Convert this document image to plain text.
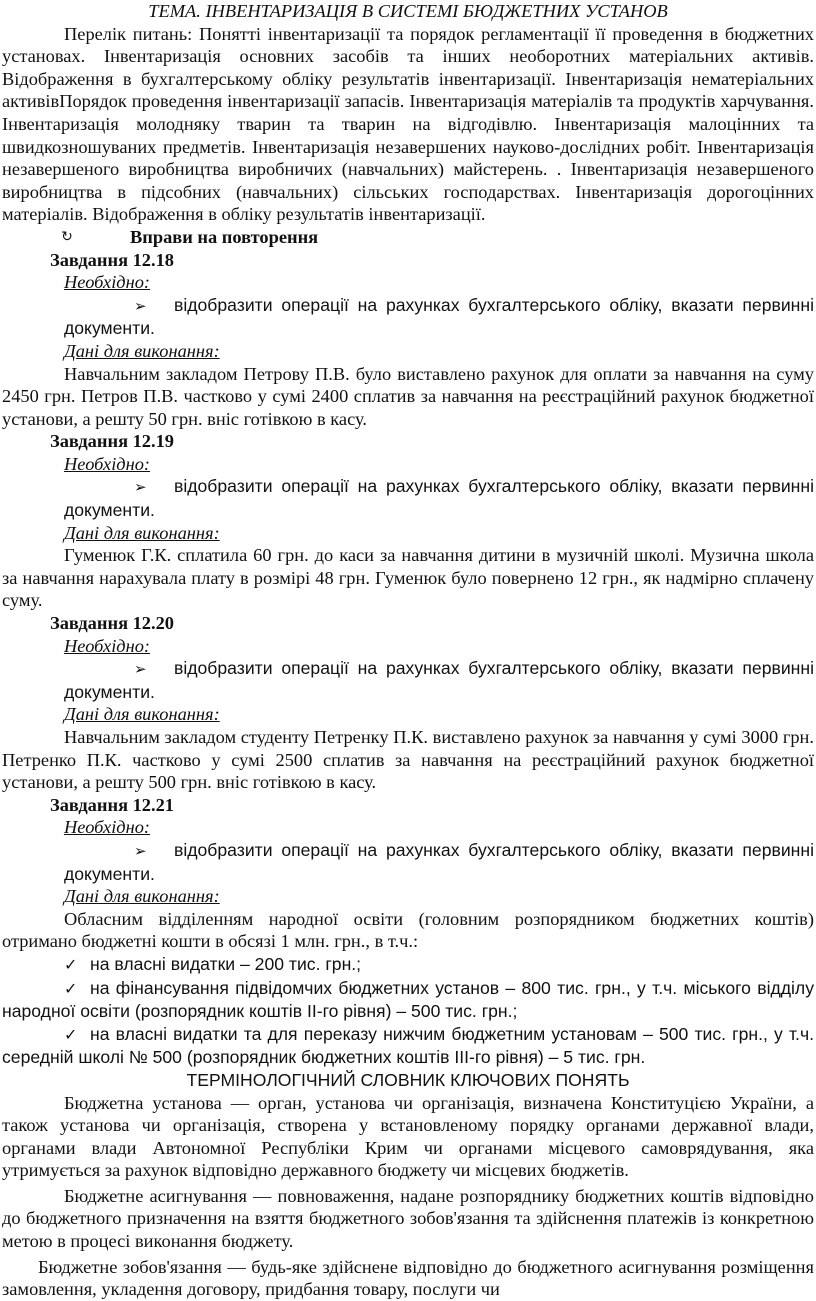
ТЕМА. ІНВЕНТАРИЗАЦІЯ В СИСТЕМІ БЮДЖЕТНИХ УСТАНОВ

Перелік питань: Понятті інвентаризації та порядок регламентації її проведення в бюджетних установах. Інвентаризація основних засобів та інших необоротних матеріальних активів. Відображення в бухгалтерському обліку результатів інвентаризації. Інвентаризація нематеріальних активівПорядок проведення інвентаризації запасів. Інвентаризація матеріалів та продуктів харчування. Інвентаризація молодняку тварин та тварин на відгодівлю. Інвентаризація малоцінних та швидкозношуваних предметів. Інвентаризація незавершених науково-дослідних робіт. Інвентаризація незавершеного виробництва виробничих (навчальних) майстерень. . Інвентаризація незавершеного виробництва в підсобних (навчальних) сільських господарствах. Інвентаризація дорогоцінних матеріалів. Відображення в обліку результатів інвентаризації.

↻	Вправи на повторення

Завдання 12.18

Необхідно:

➢ відобразити операції на рахунках бухгалтерського обліку, вказати первинні документи.

Дані для виконання:

Навчальним закладом Петрову П.В. було виставлено рахунок для оплати за навчання на суму 2450 грн. Петров П.В. частково у сумі 2400 сплатив за навчання на реєстраційний рахунок бюджетної установи, а решту 50 грн. вніс готівкою в касу.

Завдання 12.19

Необхідно:

➢ відобразити операції на рахунках бухгалтерського обліку, вказати первинні документи.

Дані для виконання:

Гуменюк Г.К. сплатила 60 грн. до каси за навчання дитини в музичній школі. Музична школа за навчання нарахувала плату в розмірі 48 грн. Гуменюк було повернено 12 грн., як надмірно сплачену суму.

Завдання 12.20

Необхідно:

➢ відобразити операції на рахунках бухгалтерського обліку, вказати первинні документи.

Дані для виконання:

Навчальним закладом студенту Петренку П.К. виставлено рахунок за навчання у сумі 3000 грн. Петренко П.К. частково у сумі 2500 сплатив за навчання на реєстраційний рахунок бюджетної установи, а решту 500 грн. вніс готівкою в касу.

Завдання 12.21

Необхідно:

➢ відобразити операції на рахунках бухгалтерського обліку, вказати первинні документи.

Дані для виконання:

Обласним відділенням народної освіти (головним розпорядником бюджетних коштів) отримано бюджетні кошти в обсязі 1 млн. грн., в т.ч.:

✓ на власні видатки – 200 тис. грн.;

✓ на фінансування підвідомчих бюджетних установ – 800 тис. грн., у т.ч. міського відділу народної освіти (розпорядник коштів ІІ-го рівня) – 500 тис. грн.;

✓ на власні видатки та для переказу нижчим бюджетним установам – 500 тис. грн., у т.ч. середній школі № 500 (розпорядник бюджетних коштів ІІІ-го рівня) – 5 тис. грн.

ТЕРМІНОЛОГІЧНИЙ СЛОВНИК КЛЮЧОВИХ ПОНЯТЬ

Бюджетна установа — орган, установа чи організація, визначена Конституцією України, а також установа чи організація, створена у встановленому порядку органами державної влади, органами влади Автономної Республіки Крим чи органами місцевого самоврядування, яка утримується за рахунок відповідно державного бюджету чи місцевих бюджетів.

Бюджетне асигнування — повноваження, надане розпоряднику бюджетних коштів відповідно до бюджетного призначення на взяття бюджетного зобов'язання та здійснення платежів із конкретною метою в процесі виконання бюджету.

Бюджетне зобов'язання — будь-яке здійснене відповідно до бюджетного асигнування розміщення замовлення, укладення договору, придбання товару, послуги чи
